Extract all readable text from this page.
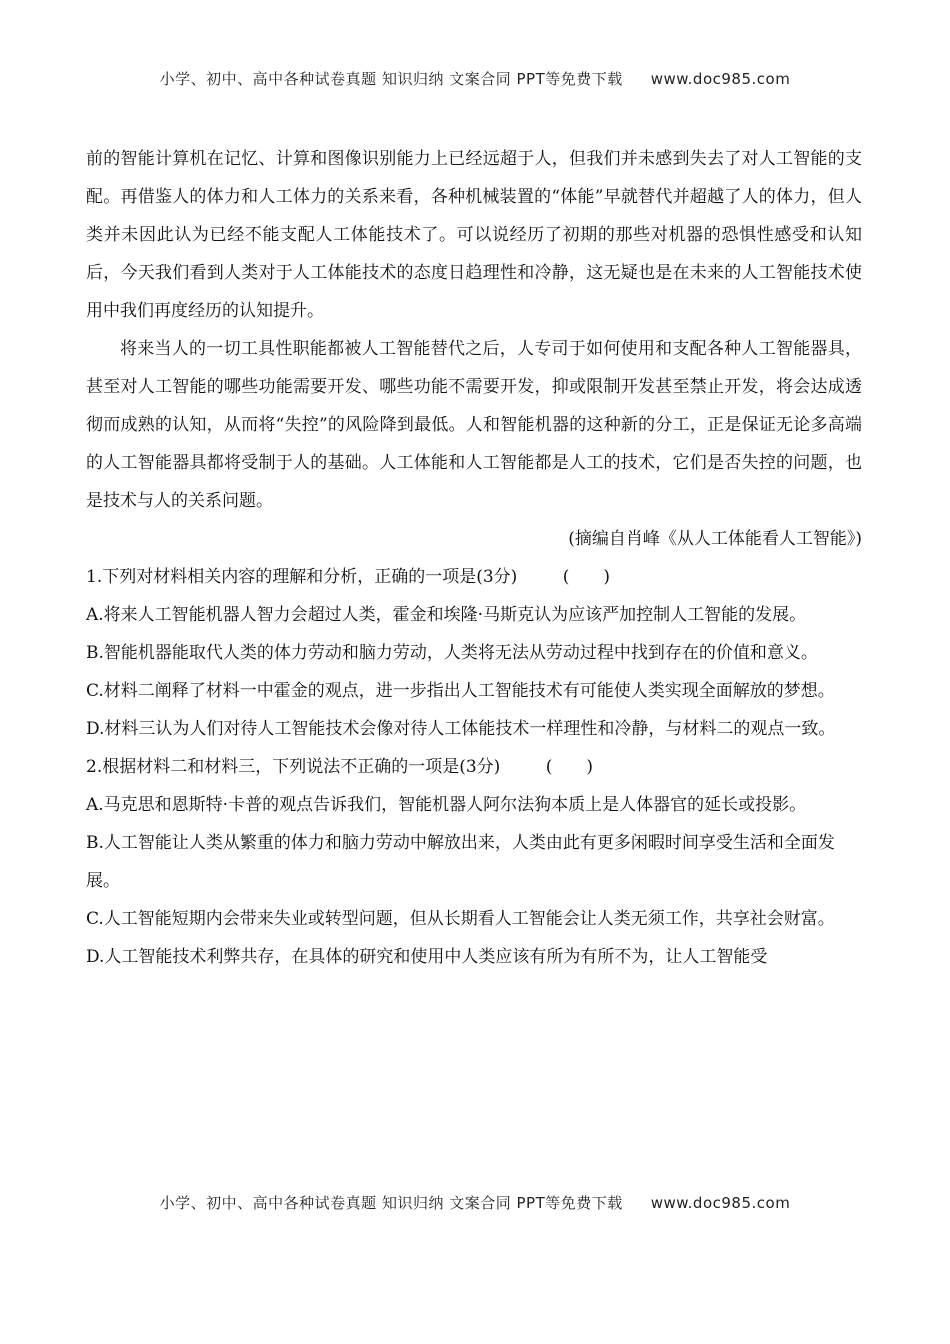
小学、初中、高中各种试卷真题 知识归纳 文案合同 PPT等免费下载 www.doc985.com

前的智能计算机在记忆、计算和图像识别能力上已经远超于人，但我们并未感到失去了对人工智能的支配。再借鉴人的体力和人工体力的关系来看，各种机械装置的“体能”早就替代并超越了人的体力，但人类并未因此认为已经不能支配人工体能技术了。可以说经历了初期的那些对机器的恐惧性感受和认知后，今天我们看到人类对于人工体能技术的态度日趋理性和冷静，这无疑也是在未来的人工智能技术使用中我们再度经历的认知提升。

将来当人的一切工具性职能都被人工智能替代之后，人专司于如何使用和支配各种人工智能器具，甚至对人工智能的哪些功能需要开发、哪些功能不需要开发，抑或限制开发甚至禁止开发，将会达成透彻而成熟的认知，从而将“失控”的风险降到最低。人和智能机器的这种新的分工，正是保证无论多高端的人工智能器具都将受制于人的基础。人工体能和人工智能都是人工的技术，它们是否失控的问题，也是技术与人的关系问题。

(摘编自肖峰《从人工体能看人工智能》)

1.下列对材料相关内容的理解和分析，正确的一项是(3分)	(　　)

A.将来人工智能机器人智力会超过人类，霍金和埃隆·马斯克认为应该严加控制人工智能的发展。

B.智能机器能取代人类的体力劳动和脑力劳动，人类将无法从劳动过程中找到存在的价值和意义。

C.材料二阐释了材料一中霍金的观点，进一步指出人工智能技术有可能使人类实现全面解放的梦想。

D.材料三认为人们对待人工智能技术会像对待人工体能技术一样理性和冷静，与材料二的观点一致。

2.根据材料二和材料三，下列说法不正确的一项是(3分)	(　　)

A.马克思和恩斯特·卡普的观点告诉我们，智能机器人阿尔法狗本质上是人体器官的延长或投影。

B.人工智能让人类从繁重的体力和脑力劳动中解放出来，人类由此有更多闲暇时间享受生活和全面发展。

C.人工智能短期内会带来失业或转型问题，但从长期看人工智能会让人类无须工作，共享社会财富。

D.人工智能技术利弊共存，在具体的研究和使用中人类应该有所为有所不为，让人工智能受

小学、初中、高中各种试卷真题 知识归纳 文案合同 PPT等免费下载 www.doc985.com
